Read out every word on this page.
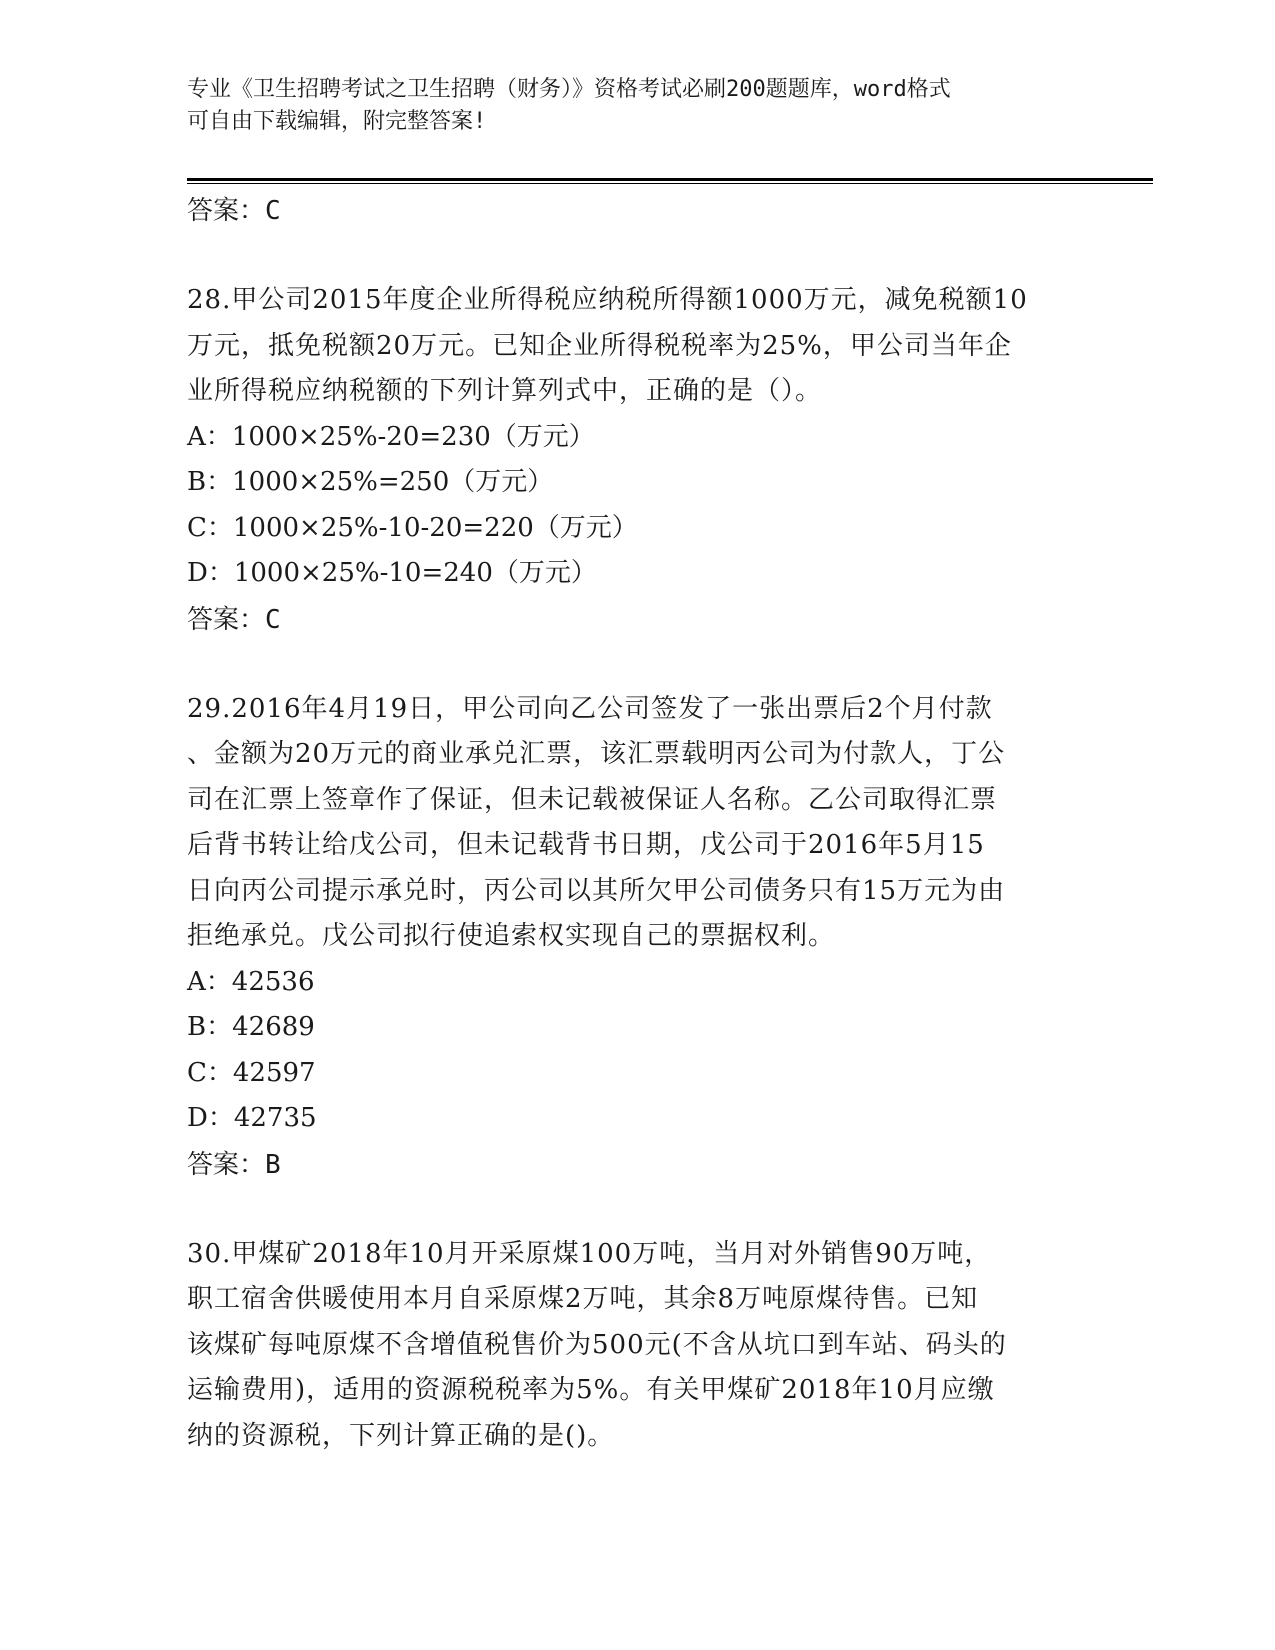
专业《卫生招聘考试之卫生招聘（财务）》资格考试必刷200题题库，word格式
可自由下载编辑，附完整答案!
答案：C
28.甲公司2015年度企业所得税应纳税所得额1000万元，减免税额10
万元，抵免税额20万元。已知企业所得税税率为25%，甲公司当年企
业所得税应纳税额的下列计算列式中，正确的是（）。
A：1000×25%-20=230（万元）
B：1000×25%=250（万元）
C：1000×25%-10-20=220（万元）
D：1000×25%-10=240（万元）
答案：C
29.2016年4月19日，甲公司向乙公司签发了一张出票后2个月付款
、金额为20万元的商业承兑汇票，该汇票载明丙公司为付款人，丁公
司在汇票上签章作了保证，但未记载被保证人名称。乙公司取得汇票
后背书转让给戊公司，但未记载背书日期，戊公司于2016年5月15
日向丙公司提示承兑时，丙公司以其所欠甲公司债务只有15万元为由
拒绝承兑。戊公司拟行使追索权实现自己的票据权利。
A：42536
B：42689
C：42597
D：42735
答案：B
30.甲煤矿2018年10月开采原煤100万吨，当月对外销售90万吨，
职工宿舍供暖使用本月自采原煤2万吨，其余8万吨原煤待售。已知
该煤矿每吨原煤不含增值税售价为500元(不含从坑口到车站、码头的
运输费用)，适用的资源税税率为5%。有关甲煤矿2018年10月应缴
纳的资源税，下列计算正确的是()。
